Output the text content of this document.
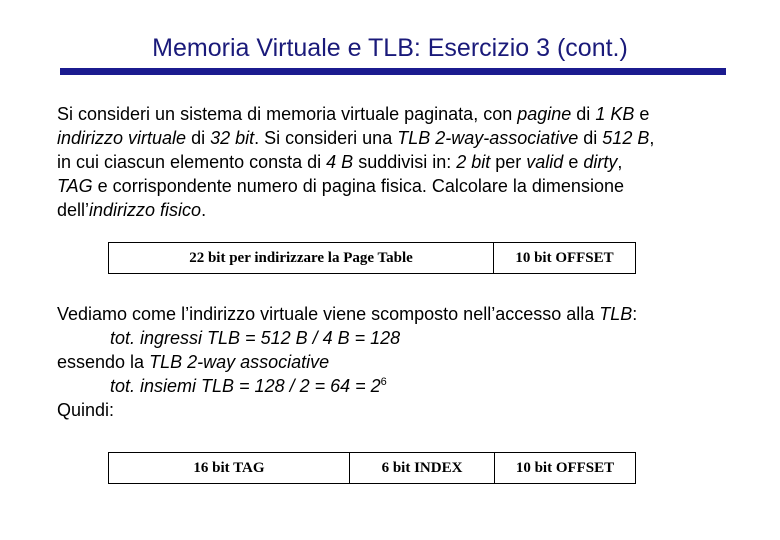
Memoria Virtuale e TLB: Esercizio 3 (cont.)
Si consideri un sistema di memoria virtuale paginata, con pagine di 1 KB e
indirizzo virtuale di 32 bit. Si consideri una TLB 2-way-associative di 512 B,
in cui ciascun elemento consta di 4 B suddivisi in: 2 bit per valid e dirty,
TAG e corrispondente numero di pagina fisica. Calcolare la dimensione
dell’indirizzo fisico.
22 bit per indirizzare la Page Table	10 bit OFFSET
Vediamo come l’indirizzo virtuale viene scomposto nell’accesso alla TLB:
tot. ingressi TLB = 512 B / 4 B = 128
essendo la TLB 2-way associative
tot. insiemi TLB = $128 / 2 = 64 = 2^6$
Quindi:
16 bit TAG	6 bit INDEX	10 bit OFFSET
